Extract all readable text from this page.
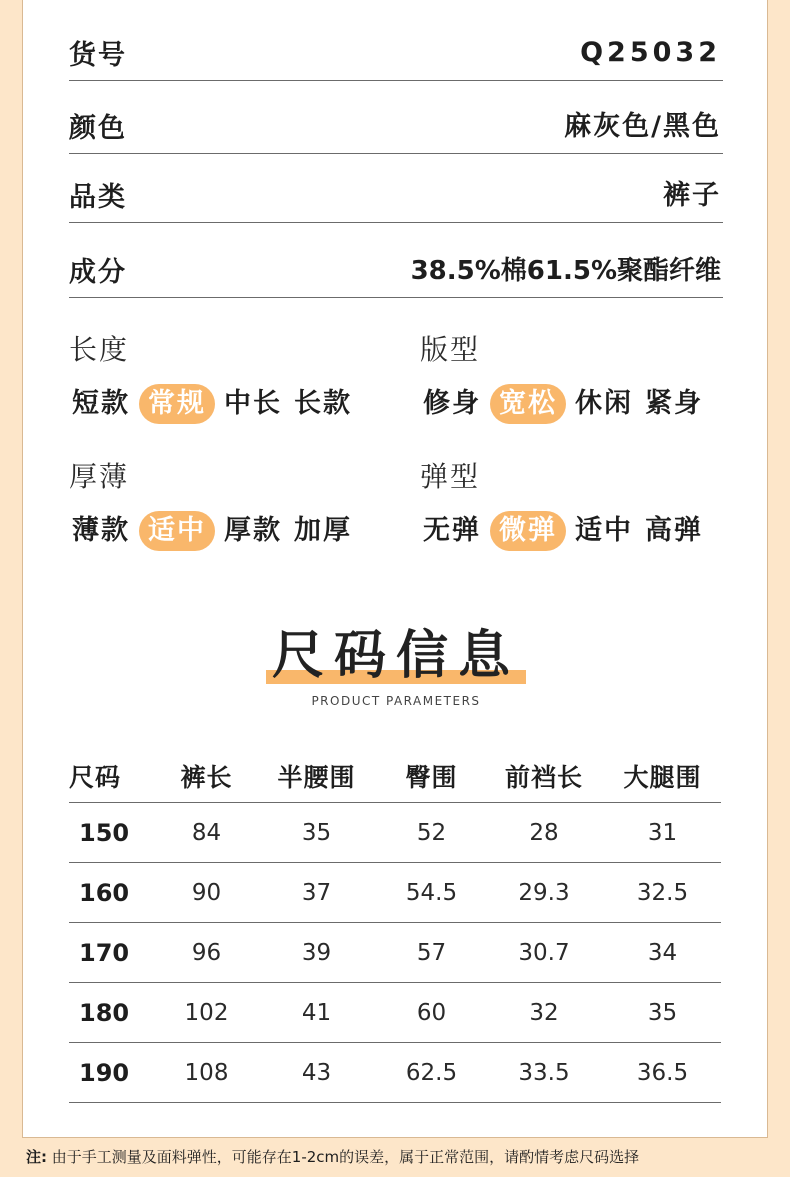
货号	Q25032
颜色	麻灰色/黑色
品类	裤子
成分	38.5%棉61.5%聚酯纤维
长度
短款 常规 中长 长款
版型
修身 宽松 休闲 紧身
厚薄
薄款 适中 厚款 加厚
弹型
无弹 微弹 适中 高弹
尺码信息
PRODUCT PARAMETERS
尺码	裤长	半腰围	臀围	前裆长	大腿围
150	84	35	52	28	31
160	90	37	54.5	29.3	32.5
170	96	39	57	30.7	34
180	102	41	60	32	35
190	108	43	62.5	33.5	36.5
注: 由于手工测量及面料弹性，可能存在1-2cm的误差，属于正常范围，请酌情考虑尺码选择
